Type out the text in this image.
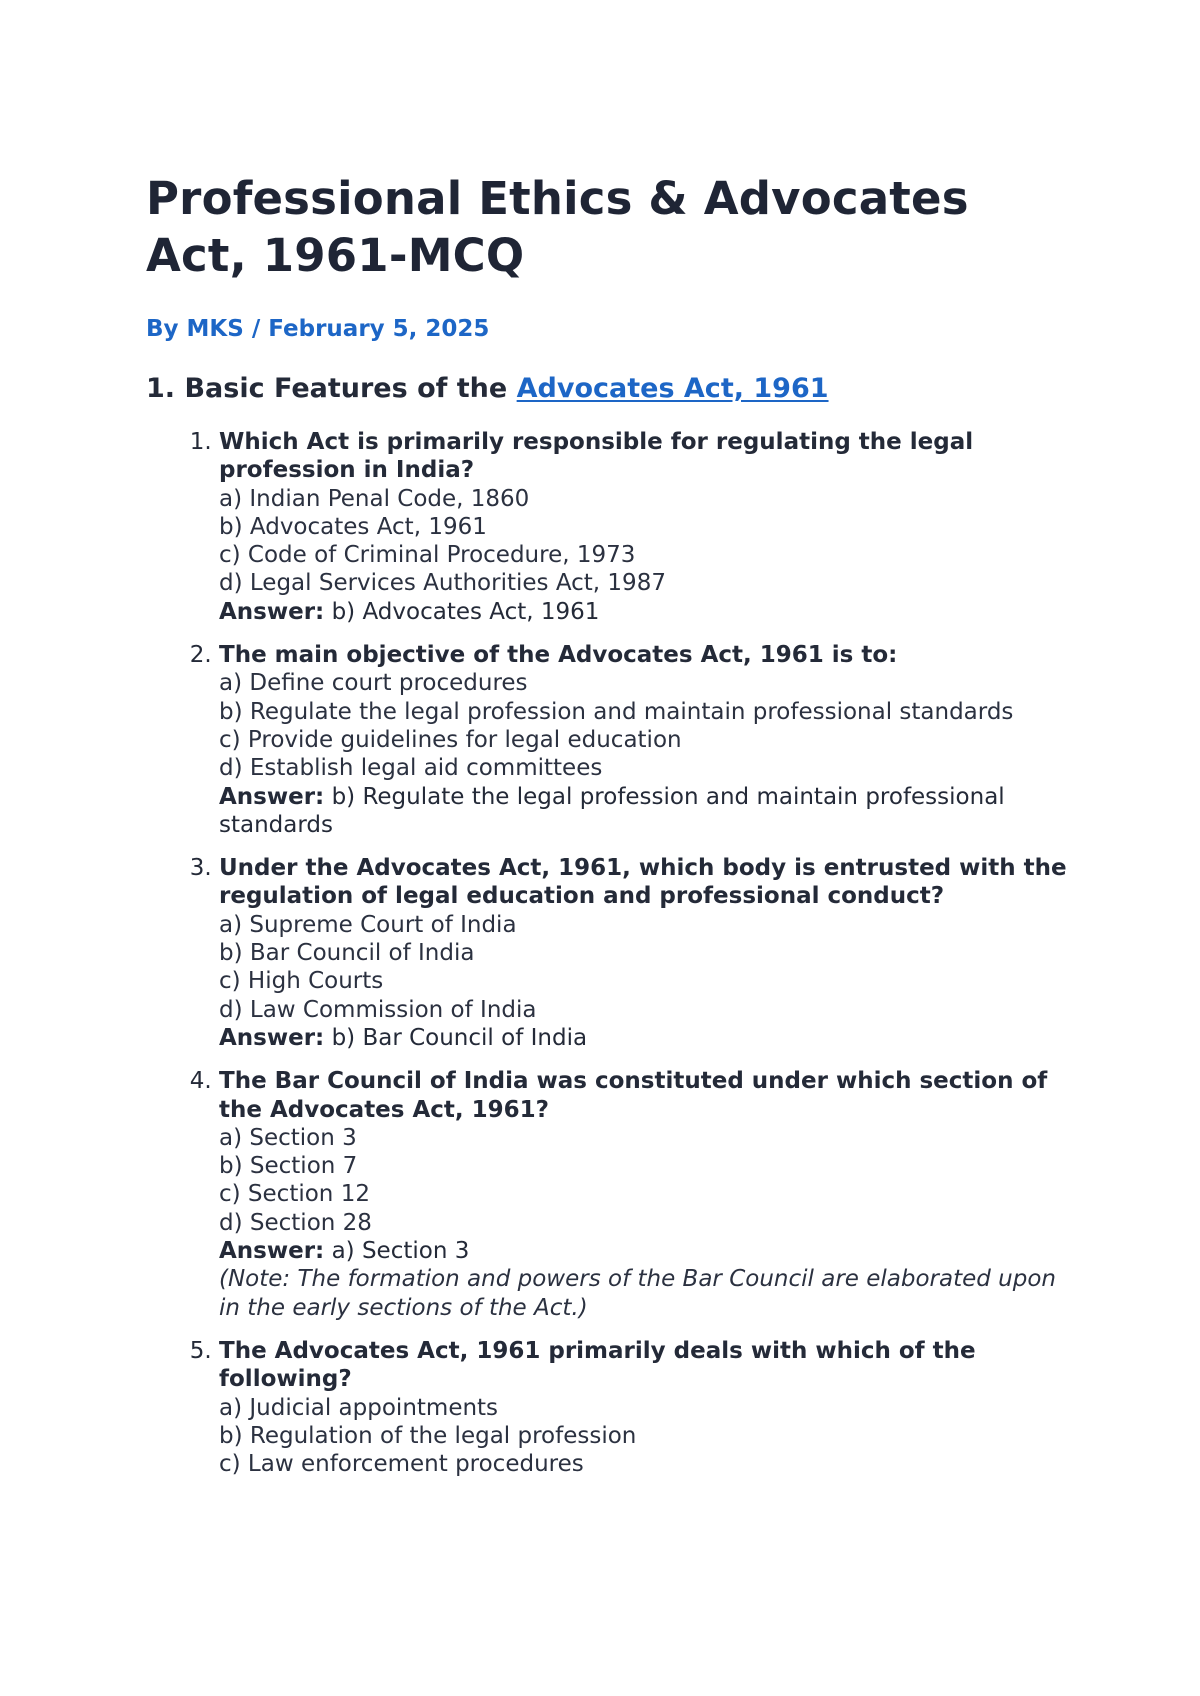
Professional Ethics & Advocates Act, 1961-MCQ
By MKS / February 5, 2025
1. Basic Features of the Advocates Act, 1961
1. Which Act is primarily responsible for regulating the legal profession in India?
a) Indian Penal Code, 1860
b) Advocates Act, 1961
c) Code of Criminal Procedure, 1973
d) Legal Services Authorities Act, 1987
Answer: b) Advocates Act, 1961
2. The main objective of the Advocates Act, 1961 is to:
a) Define court procedures
b) Regulate the legal profession and maintain professional standards
c) Provide guidelines for legal education
d) Establish legal aid committees
Answer: b) Regulate the legal profession and maintain professional standards
3. Under the Advocates Act, 1961, which body is entrusted with the regulation of legal education and professional conduct?
a) Supreme Court of India
b) Bar Council of India
c) High Courts
d) Law Commission of India
Answer: b) Bar Council of India
4. The Bar Council of India was constituted under which section of the Advocates Act, 1961?
a) Section 3
b) Section 7
c) Section 12
d) Section 28
Answer: a) Section 3
(Note: The formation and powers of the Bar Council are elaborated upon in the early sections of the Act.)
5. The Advocates Act, 1961 primarily deals with which of the following?
a) Judicial appointments
b) Regulation of the legal profession
c) Law enforcement procedures
